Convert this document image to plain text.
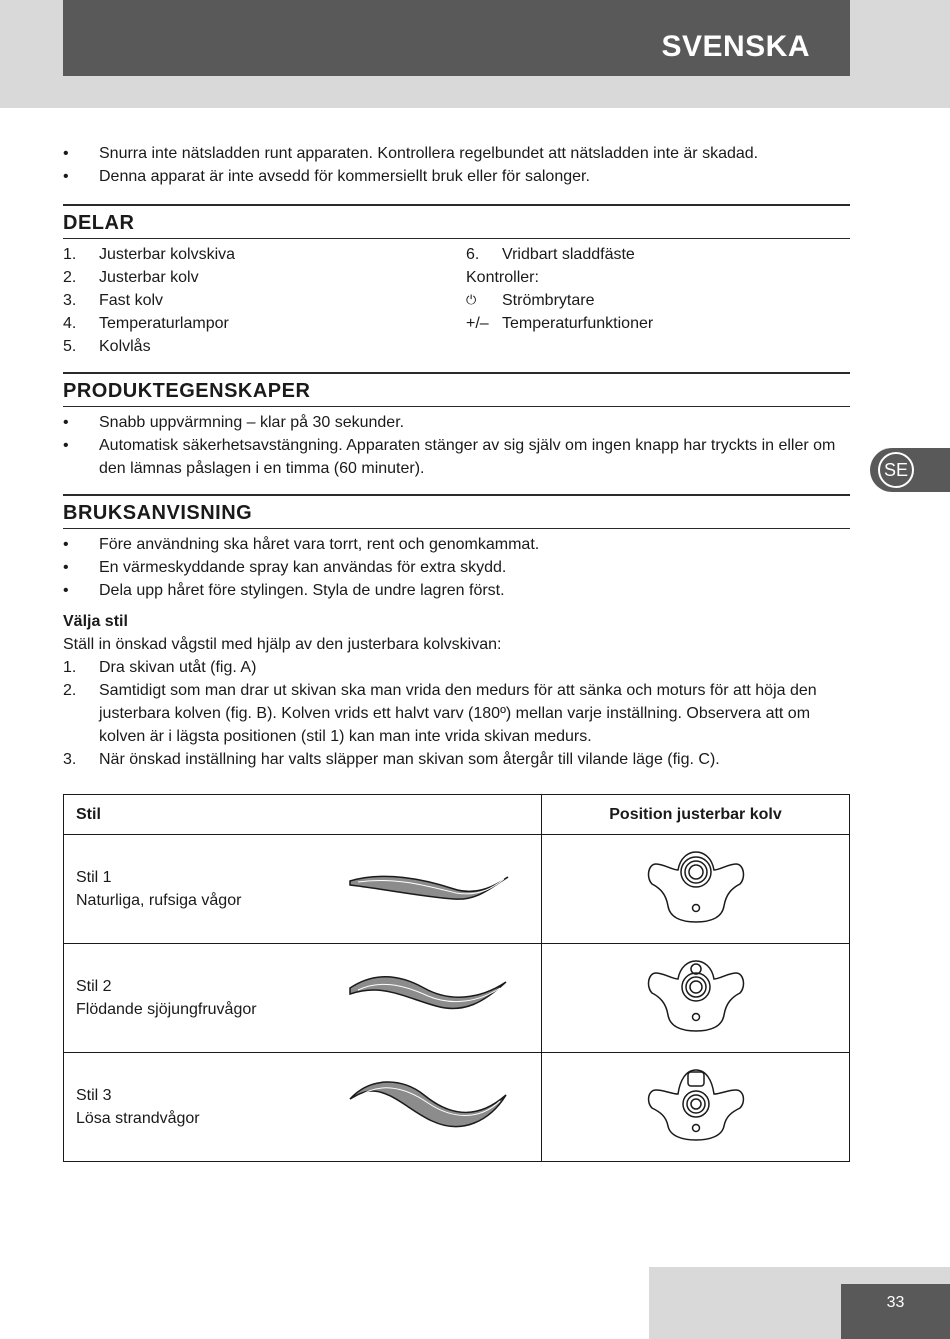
SVENSKA
SE
• Snurra inte nätsladden runt apparaten. Kontrollera regelbundet att nätsladden inte är skadad.
• Denna apparat är inte avsedd för kommersiellt bruk eller för salonger.
DELAR
1.	Justerbar kolvskiva
2.	Justerbar kolv
3.	Fast kolv
4.	Temperaturlampor
5.	Kolvlås
6.	Vridbart sladdfäste
Kontroller:
⏻	Strömbrytare
+/– Temperaturfunktioner
PRODUKTEGENSKAPER
• Snabb uppvärmning – klar på 30 sekunder.
• Automatisk säkerhetsavstängning. Apparaten stänger av sig själv om ingen knapp har tryckts in eller om den lämnas påslagen i en timma (60 minuter).
BRUKSANVISNING
• Före användning ska håret vara torrt, rent och genomkammat.
• En värmeskyddande spray kan användas för extra skydd.
• Dela upp håret före stylingen. Styla de undre lagren först.
Välja stil
Ställ in önskad vågstil med hjälp av den justerbara kolvskivan:
1.	Dra skivan utåt (fig. A)
2.	Samtidigt som man drar ut skivan ska man vrida den medurs för att sänka och moturs för att höja den justerbara kolven (fig. B). Kolven vrids ett halvt varv (180º) mellan varje inställning. Observera att om kolven är i lägsta positionen (stil 1) kan man inte vrida skivan medurs.
3.	När önskad inställning har valts släpper man skivan som återgår till vilande läge (fig. C).
Stil	Position justerbar kolv

Stil 1
Naturliga, rufsiga vågor

Stil 2
Flödande sjöjungfruvågor

Stil 3
Lösa strandvågor

33
